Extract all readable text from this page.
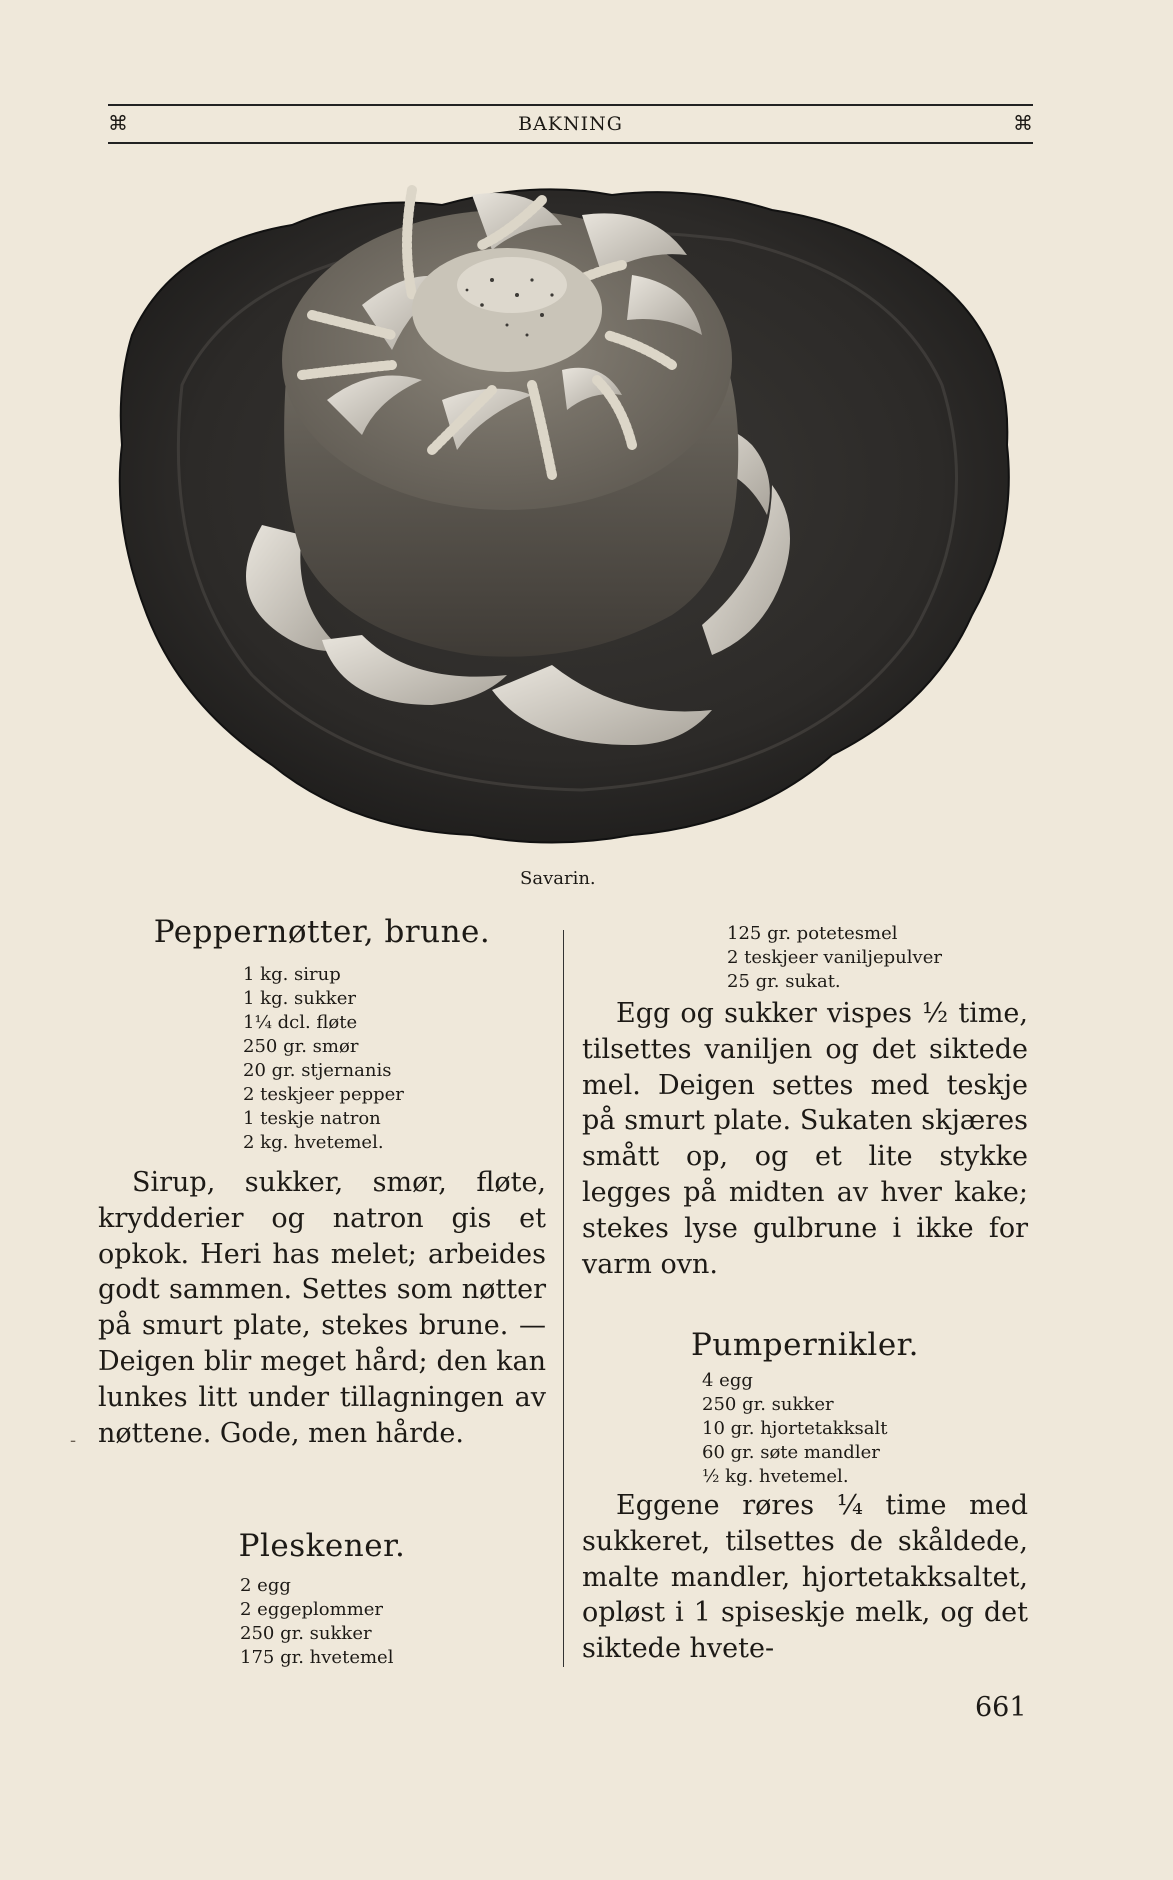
⌘	BAKNING	⌘
Savarin.
Peppernøtter, brune.
1 kg. sirup
1 kg. sukker
1¼ dcl. fløte
250 gr. smør
20 gr. stjernanis
2 teskjeer pepper
1 teskje natron
2 kg. hvetemel.

Sirup, sukker, smør, fløte, krydderier og natron gis et opkok. Heri has melet; arbeides godt sammen. Settes som nøtter på smurt plate, stekes brune. — Deigen blir meget hård; den kan lunkes litt under tillagningen av nøttene. Gode, men hårde.

Pleskener.
2 egg
2 eggeplommer
250 gr. sukker
175 gr. hvetemel
125 gr. potetesmel
2 teskjeer vaniljepulver
25 gr. sukat.

Egg og sukker vispes ½ time, tilsettes vaniljen og det siktede mel. Deigen settes med teskje på smurt plate. Sukaten skjæres smått op, og et lite stykke legges på midten av hver kake; stekes lyse gulbrune i ikke for varm ovn.

Pumpernikler.
4 egg
250 gr. sukker
10 gr. hjortetakksalt
60 gr. søte mandler
½ kg. hvetemel.

Eggene røres ¼ time med sukkeret, tilsettes de skåldede, malte mandler, hjortetakksaltet, opløst i 1 spiseskje melk, og det siktede hvete-

-
661
